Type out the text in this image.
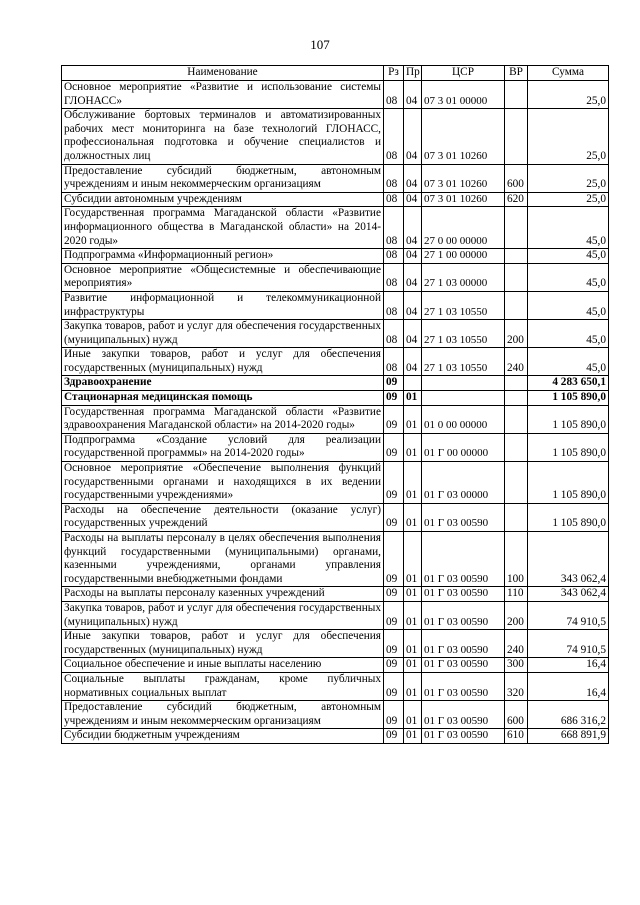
107
Наименование	Рз	Пр	ЦСР	ВР	Сумма
Основное мероприятие «Развитие и использование системы ГЛОНАСС»	08	04	07 3 01 00000		25,0
Обслуживание бортовых терминалов и автоматизированных рабочих мест мониторинга на базе технологий ГЛОНАСС, профессиональная подготовка и обучение специалистов и должностных лиц	08	04	07 3 01 10260		25,0
Предоставление субсидий бюджетным, автономным учреждениям и иным некоммерческим организациям	08	04	07 3 01 10260	600	25,0
Субсидии автономным учреждениям	08	04	07 3 01 10260	620	25,0
Государственная программа Магаданской области «Развитие информационного общества в Магаданской области» на 2014-2020 годы»	08	04	27 0 00 00000		45,0
Подпрограмма «Информационный регион»	08	04	27 1 00 00000		45,0
Основное мероприятие «Общесистемные и обеспечивающие мероприятия»	08	04	27 1 03 00000		45,0
Развитие информационной и телекоммуникационной инфраструктуры	08	04	27 1 03 10550		45,0
Закупка товаров, работ и услуг для обеспечения государственных (муниципальных) нужд	08	04	27 1 03 10550	200	45,0
Иные закупки товаров, работ и услуг для обеспечения государственных (муниципальных) нужд	08	04	27 1 03 10550	240	45,0
Здравоохранение	09				4 283 650,1
Стационарная медицинская помощь	09	01			1 105 890,0
Государственная программа Магаданской области «Развитие здравоохранения Магаданской области» на 2014-2020 годы»	09	01	01 0 00 00000		1 105 890,0
Подпрограмма «Создание условий для реализации государственной программы» на 2014-2020 годы»	09	01	01 Г 00 00000		1 105 890,0
Основное мероприятие «Обеспечение выполнения функций государственными органами и находящихся в их ведении государственными учреждениями»	09	01	01 Г 03 00000		1 105 890,0
Расходы на обеспечение деятельности (оказание услуг) государственных учреждений	09	01	01 Г 03 00590		1 105 890,0
Расходы на выплаты персоналу в целях обеспечения выполнения функций государственными (муниципальными) органами, казенными учреждениями, органами управления государственными внебюджетными фондами	09	01	01 Г 03 00590	100	343 062,4
Расходы на выплаты персоналу казенных учреждений	09	01	01 Г 03 00590	110	343 062,4
Закупка товаров, работ и услуг для обеспечения государственных (муниципальных) нужд	09	01	01 Г 03 00590	200	74 910,5
Иные закупки товаров, работ и услуг для обеспечения государственных (муниципальных) нужд	09	01	01 Г 03 00590	240	74 910,5
Социальное обеспечение и иные выплаты населению	09	01	01 Г 03 00590	300	16,4
Социальные выплаты гражданам, кроме публичных нормативных социальных выплат	09	01	01 Г 03 00590	320	16,4
Предоставление субсидий бюджетным, автономным учреждениям и иным некоммерческим организациям	09	01	01 Г 03 00590	600	686 316,2
Субсидии бюджетным учреждениям	09	01	01 Г 03 00590	610	668 891,9
